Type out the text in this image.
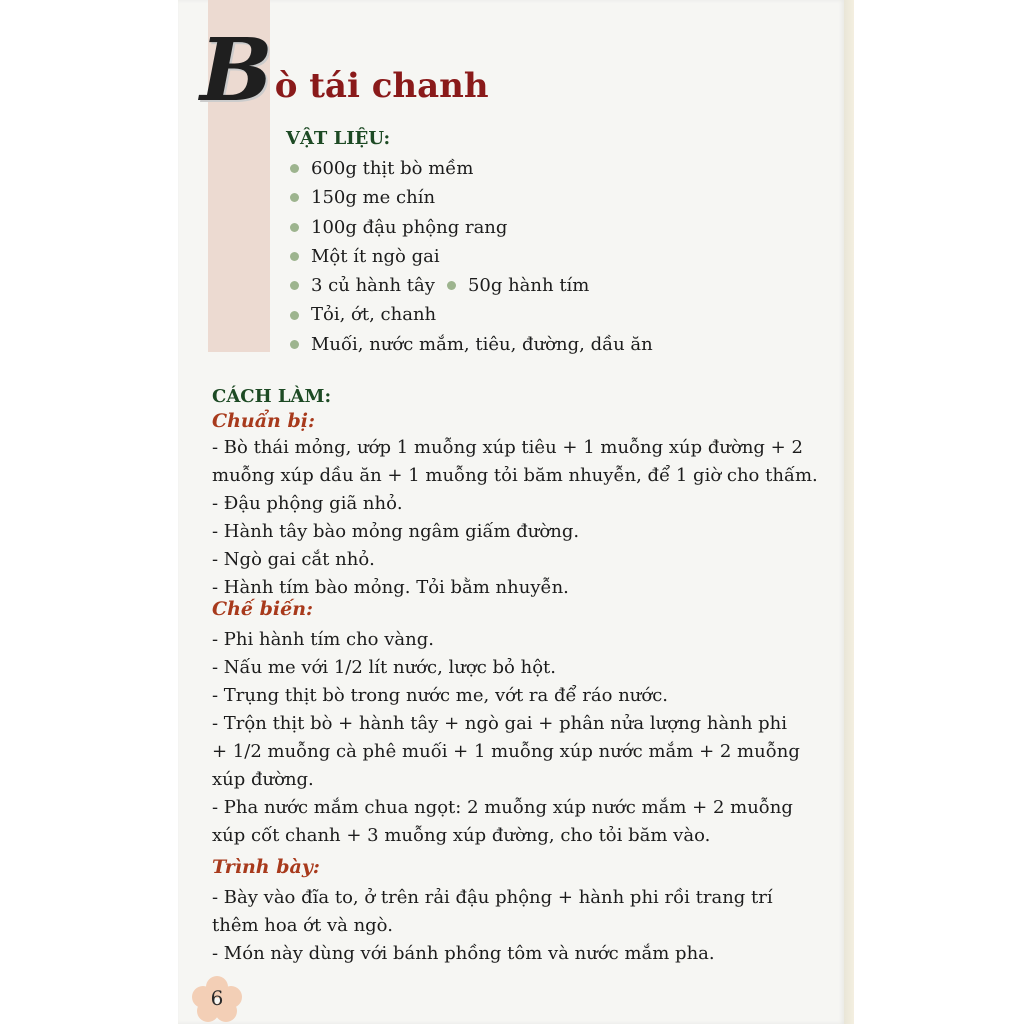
B ò tái chanh
VẬT LIỆU:
600g thịt bò mềm
150g me chín
100g đậu phộng rang
Một ít ngò gai
3 củ hành tây 50g hành tím
Tỏi, ớt, chanh
Muối, nước mắm, tiêu, đường, dầu ăn
CÁCH LÀM:
Chuẩn bị:
- Bò thái mỏng, ướp 1 muỗng xúp tiêu + 1 muỗng xúp đường + 2
muỗng xúp dầu ăn + 1 muỗng tỏi băm nhuyễn, để 1 giờ cho thấm.
- Đậu phộng giã nhỏ.
- Hành tây bào mỏng ngâm giấm đường.
- Ngò gai cắt nhỏ.
- Hành tím bào mỏng. Tỏi bằm nhuyễn.
Chế biến:
- Phi hành tím cho vàng.
- Nấu me với 1/2 lít nước, lược bỏ hột.
- Trụng thịt bò trong nước me, vớt ra để ráo nước.
- Trộn thịt bò + hành tây + ngò gai + phân nửa lượng hành phi
+ 1/2 muỗng cà phê muối + 1 muỗng xúp nước mắm + 2 muỗng
xúp đường.
- Pha nước mắm chua ngọt: 2 muỗng xúp nước mắm + 2 muỗng
xúp cốt chanh + 3 muỗng xúp đường, cho tỏi băm vào.
Trình bày:
- Bày vào đĩa to, ở trên rải đậu phộng + hành phi rồi trang trí
thêm hoa ớt và ngò.
- Món này dùng với bánh phồng tôm và nước mắm pha.
6
